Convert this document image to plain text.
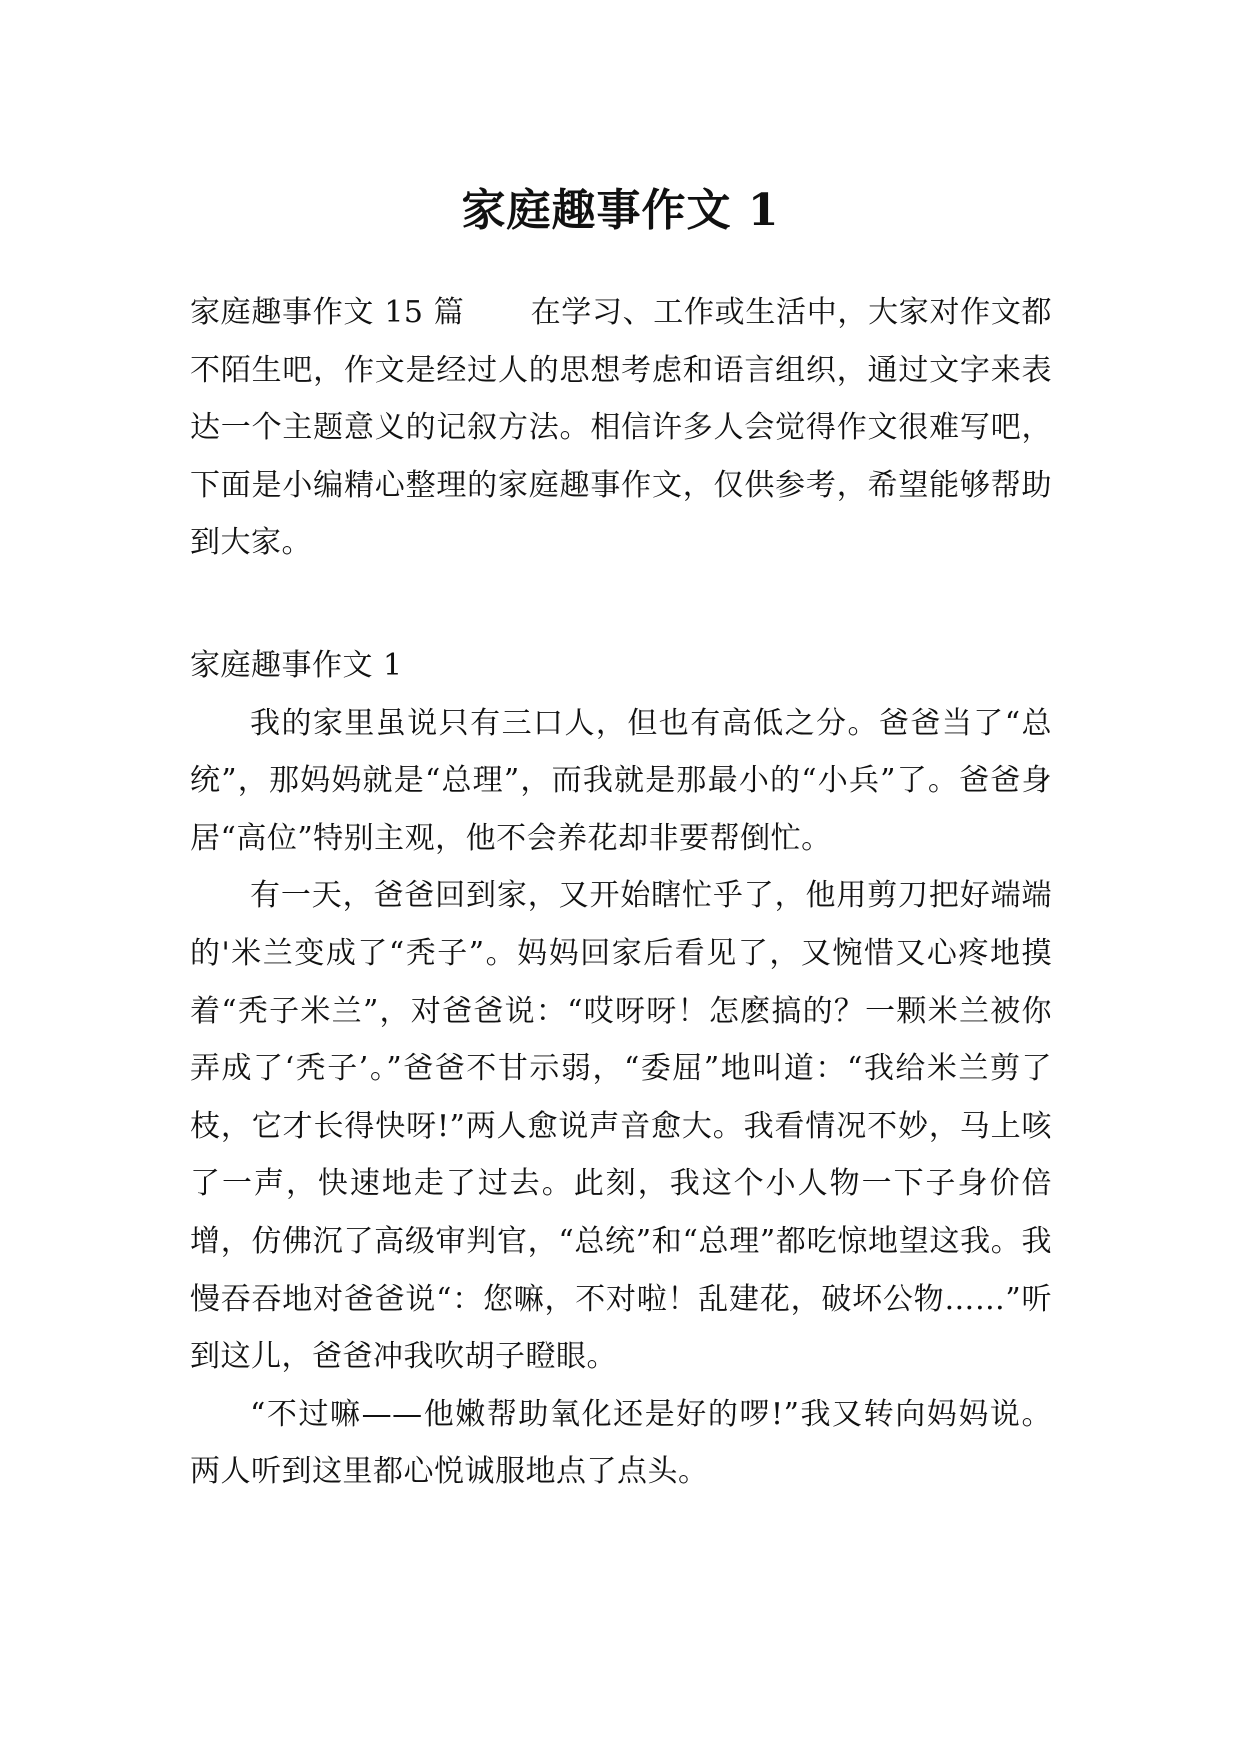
家庭趣事作文 1
家庭趣事作文 15 篇 在学习、工作或生活中，大家对作文都不陌生吧，作文是经过人的思想考虑和语言组织，通过文字来表达一个主题意义的记叙方法。相信许多人会觉得作文很难写吧，下面是小编精心整理的家庭趣事作文，仅供参考，希望能够帮助到大家。

家庭趣事作文 1

我的家里虽说只有三口人，但也有高低之分。爸爸当了“总统”，那妈妈就是“总理”，而我就是那最小的“小兵”了。爸爸身居“高位”特别主观，他不会养花却非要帮倒忙。

有一天，爸爸回到家，又开始瞎忙乎了，他用剪刀把好端端的'米兰变成了“秃子”。妈妈回家后看见了，又惋惜又心疼地摸着“秃子米兰”，对爸爸说：“哎呀呀！怎麽搞的？一颗米兰被你弄成了‘秃子’。”爸爸不甘示弱，“委屈”地叫道：“我给米兰剪了枝，它才长得快呀!”两人愈说声音愈大。我看情况不妙，马上咳了一声，快速地走了过去。此刻，我这个小人物一下子身价倍增，仿佛沉了高级审判官，“总统”和“总理”都吃惊地望这我。我慢吞吞地对爸爸说“：您嘛，不对啦！乱建花，破坏公物……”听到这儿，爸爸冲我吹胡子瞪眼。

“不过嘛——他嫩帮助氧化还是好的啰!”我又转向妈妈说。两人听到这里都心悦诚服地点了点头。
